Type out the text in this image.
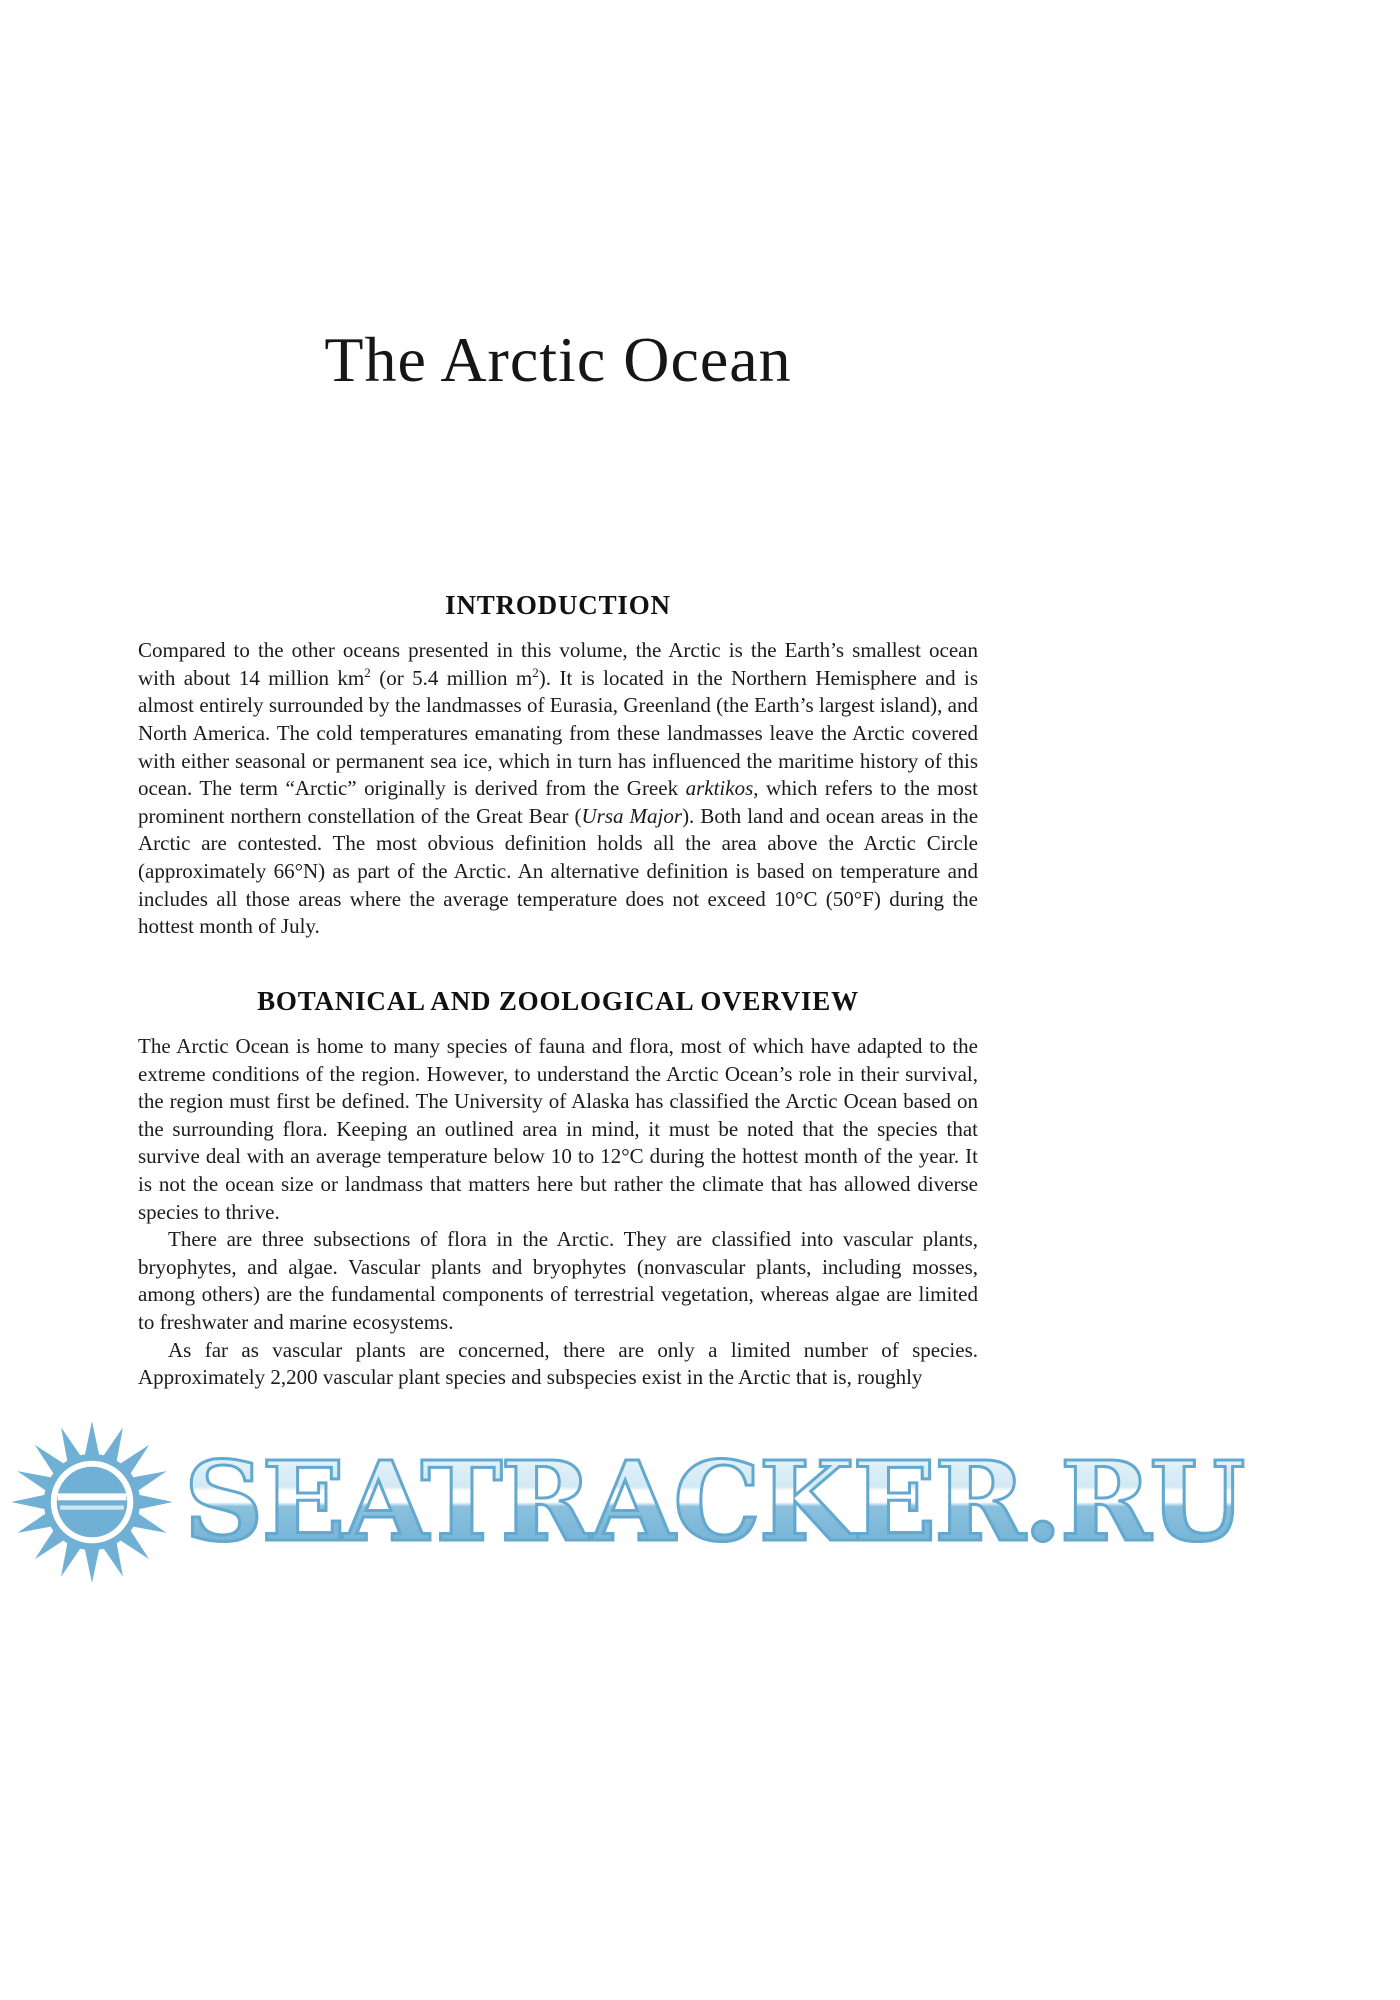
The Arctic Ocean
INTRODUCTION

Compared to the other oceans presented in this volume, the Arctic is the Earth’s smallest ocean with about 14 million $km^2$ (or 5.4 million $m^2$). It is located in the Northern Hemisphere and is almost entirely surrounded by the landmasses of Eurasia, Greenland (the Earth’s largest island), and North America. The cold temperatures emanating from these landmasses leave the Arctic covered with either seasonal or permanent sea ice, which in turn has influenced the maritime history of this ocean. The term “Arctic” originally is derived from the Greek arktikos, which refers to the most prominent northern constellation of the Great Bear (Ursa Major). Both land and ocean areas in the Arctic are contested. The most obvious definition holds all the area above the Arctic Circle (approximately 66°N) as part of the Arctic. An alternative definition is based on temperature and includes all those areas where the average temperature does not exceed 10°C (50°F) during the hottest month of July.

BOTANICAL AND ZOOLOGICAL OVERVIEW

The Arctic Ocean is home to many species of fauna and flora, most of which have adapted to the extreme conditions of the region. However, to understand the Arctic Ocean’s role in their survival, the region must first be defined. The University of Alaska has classified the Arctic Ocean based on the surrounding flora. Keeping an outlined area in mind, it must be noted that the species that survive deal with an average temperature below 10 to 12°C during the hottest month of the year. It is not the ocean size or landmass that matters here but rather the climate that has allowed diverse species to thrive.

There are three subsections of flora in the Arctic. They are classified into vascular plants, bryophytes, and algae. Vascular plants and bryophytes (nonvascular plants, including mosses, among others) are the fundamental components of terrestrial vegetation, whereas algae are limited to freshwater and marine ecosystems.

As far as vascular plants are concerned, there are only a limited number of species. Approximately 2,200 vascular plant species and subspecies exist in the Arctic that is, roughly

SEATRACKER.RU
